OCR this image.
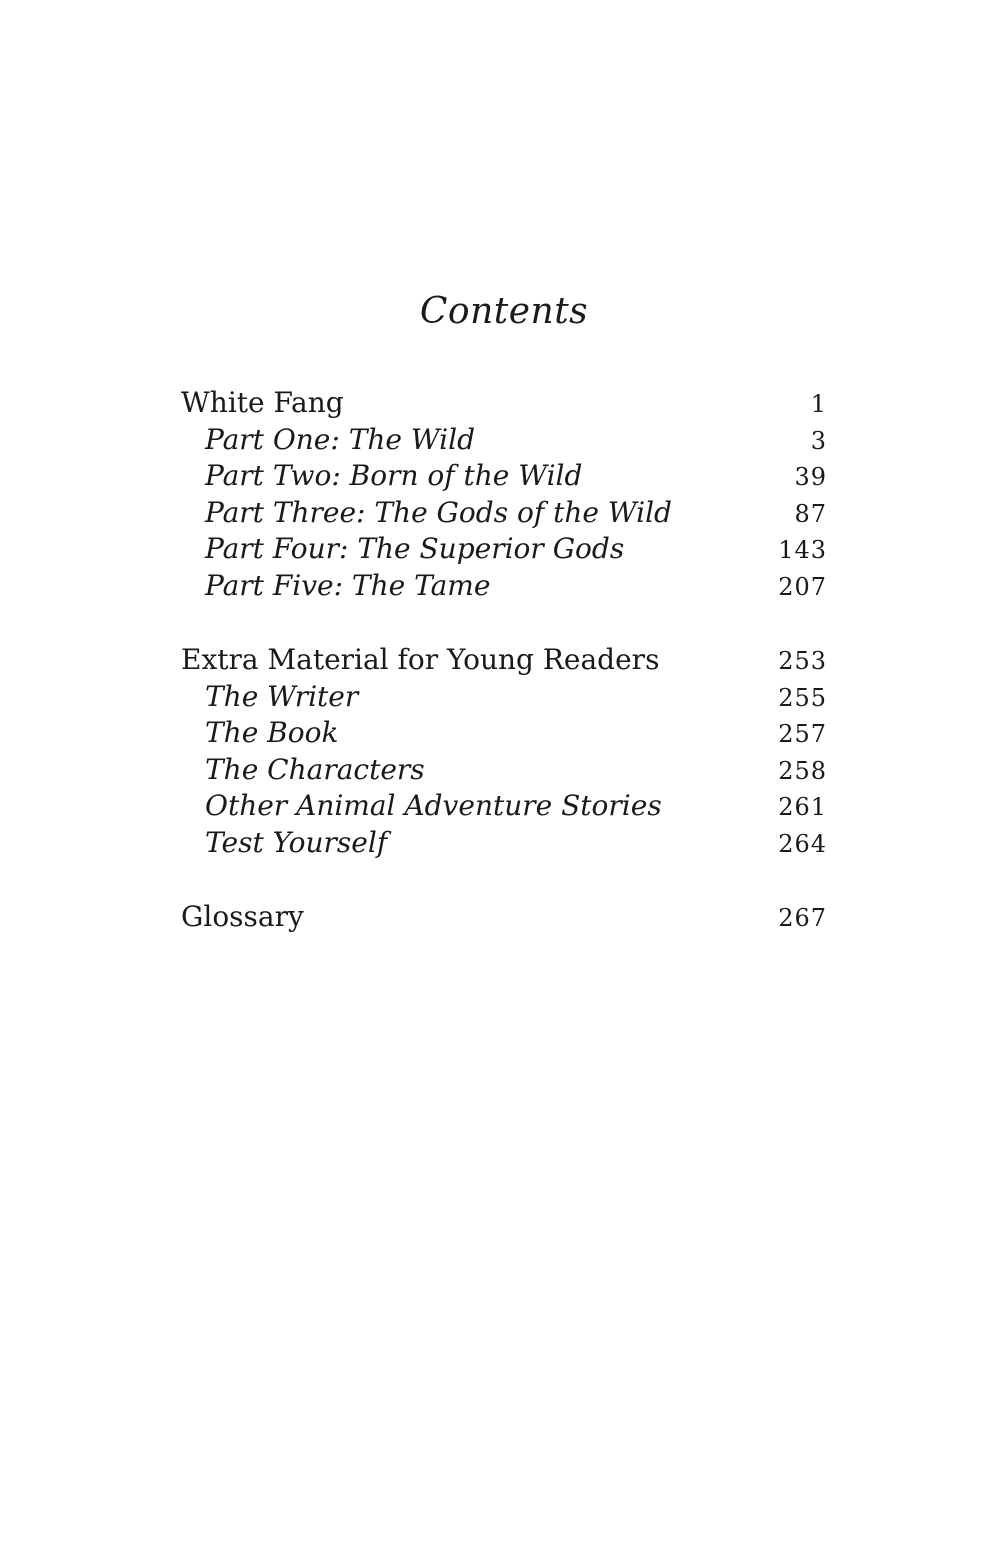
Contents
White Fang	1
Part One: The Wild	3
Part Two: Born of the Wild	39
Part Three: The Gods of the Wild	87
Part Four: The Superior Gods	143
Part Five: The Tame	207
Extra Material for Young Readers	253
The Writer	255
The Book	257
The Characters	258
Other Animal Adventure Stories	261
Test Yourself	264
Glossary	267
